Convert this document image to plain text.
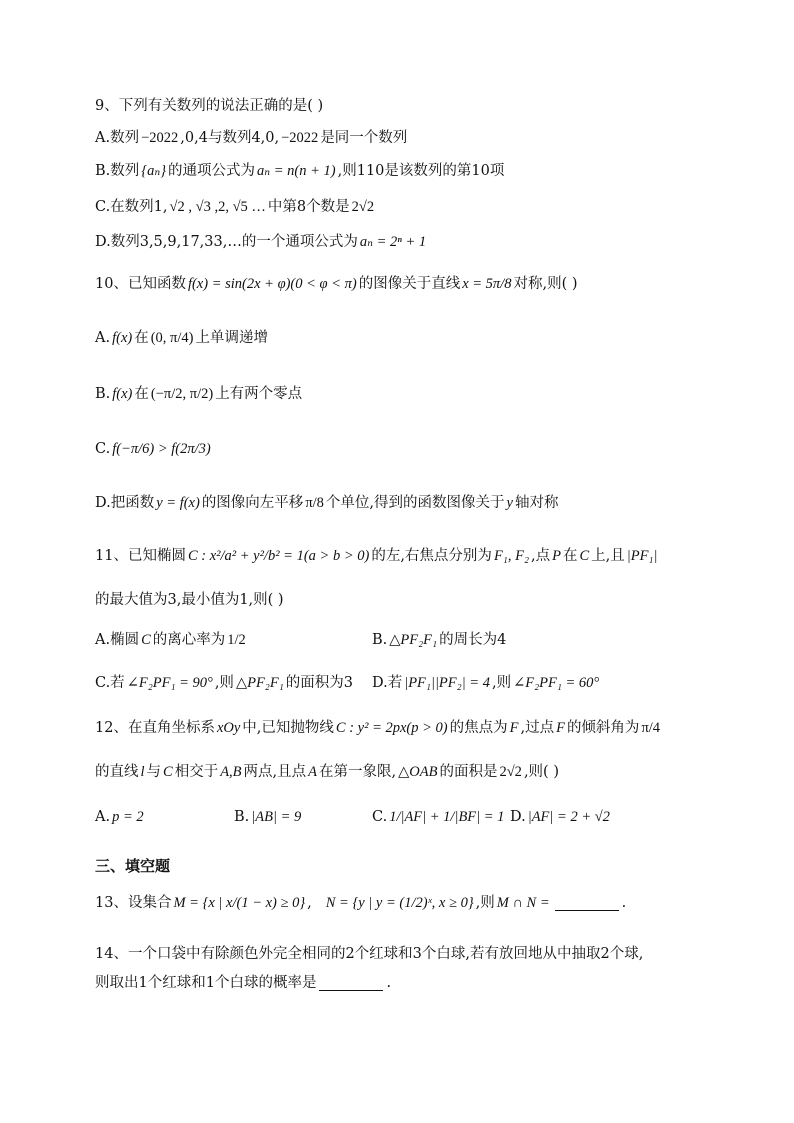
9、下列有关数列的说法正确的是( )
A.数列 −2022 ,0,4与数列4,0, −2022 是同一个数列
B.数列 {aₙ} 的通项公式为 aₙ = n(n + 1) ,则110是该数列的第10项
C.在数列1, √2 , √3 ,2, √5 … 中第8个数是 2√2
D.数列3,5,9,17,33,…的一个通项公式为 aₙ = 2ⁿ + 1
10、已知函数 f(x) = sin(2x + φ)(0 < φ < π) 的图像关于直线 x = 5π/8 对称,则( )
A. f(x) 在 (0, π/4) 上单调递增
B. f(x) 在 (−π/2, π/2) 上有两个零点
C. f(−π/6) > f(2π/3)
D.把函数 y = f(x) 的图像向左平移 π/8 个单位,得到的函数图像关于 y 轴对称
11、已知椭圆 C : x²/a² + y²/b² = 1(a > b > 0) 的左,右焦点分别为 F₁, F₂ ,点 P 在 C 上,且 |PF₁|
的最大值为3,最小值为1,则( )
A.椭圆 C 的离心率为 1/2	B. △PF₂F₁ 的周长为4
C.若 ∠F₂PF₁ = 90° ,则 △PF₂F₁ 的面积为3 D.若 |PF₁||PF₂| = 4 ,则 ∠F₂PF₁ = 60°
12、在直角坐标系 xOy 中,已知抛物线 C : y² = 2px(p > 0) 的焦点为 F ,过点 F 的倾斜角为 π/4
的直线 l 与 C 相交于 A,B 两点,且点 A 在第一象限, △OAB 的面积是 2√2 ,则( )
A. p = 2	B. |AB| = 9	C. 1/|AF| + 1/|BF| = 1 D. |AF| = 2 + √2
三、填空题
13、设集合 M = {x | x/(1 − x) ≥ 0} , N = {y | y = (1/2)ˣ, x ≥ 0} ,则 M ∩ N =	.
14、一个口袋中有除颜色外完全相同的2个红球和3个白球,若有放回地从中抽取2个球,
则取出1个红球和1个白球的概率是	.
